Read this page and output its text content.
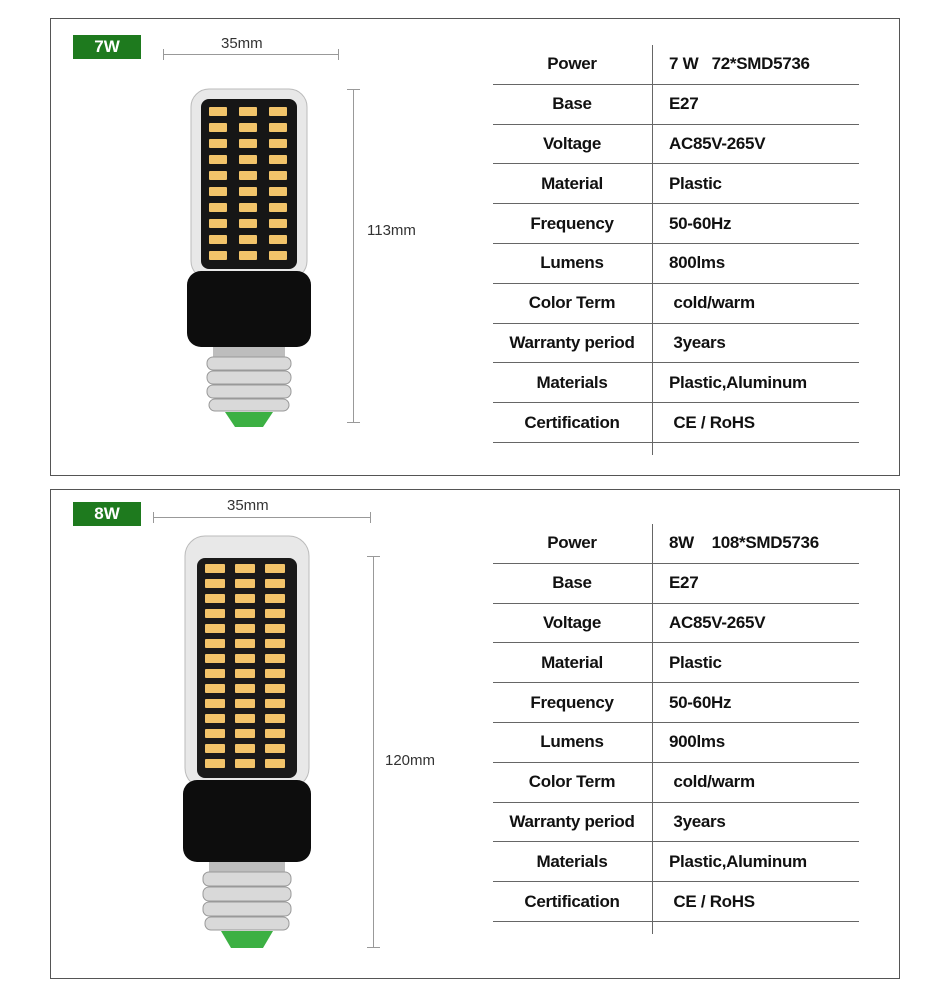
7W	35mm
113mm
Power	7 W   72*SMD5736
Base	E27
Voltage	AC85V-265V
Material	Plastic
Frequency	50-60Hz
Lumens	800lms
Color Term	cold/warm
Warranty period	3years
Materials	Plastic,Aluminum
Certification	CE / RoHS
8W	35mm
120mm
Power	8W    108*SMD5736
Base	E27
Voltage	AC85V-265V
Material	Plastic
Frequency	50-60Hz
Lumens	900lms
Color Term	cold/warm
Warranty period	3years
Materials	Plastic,Aluminum
Certification	CE / RoHS
